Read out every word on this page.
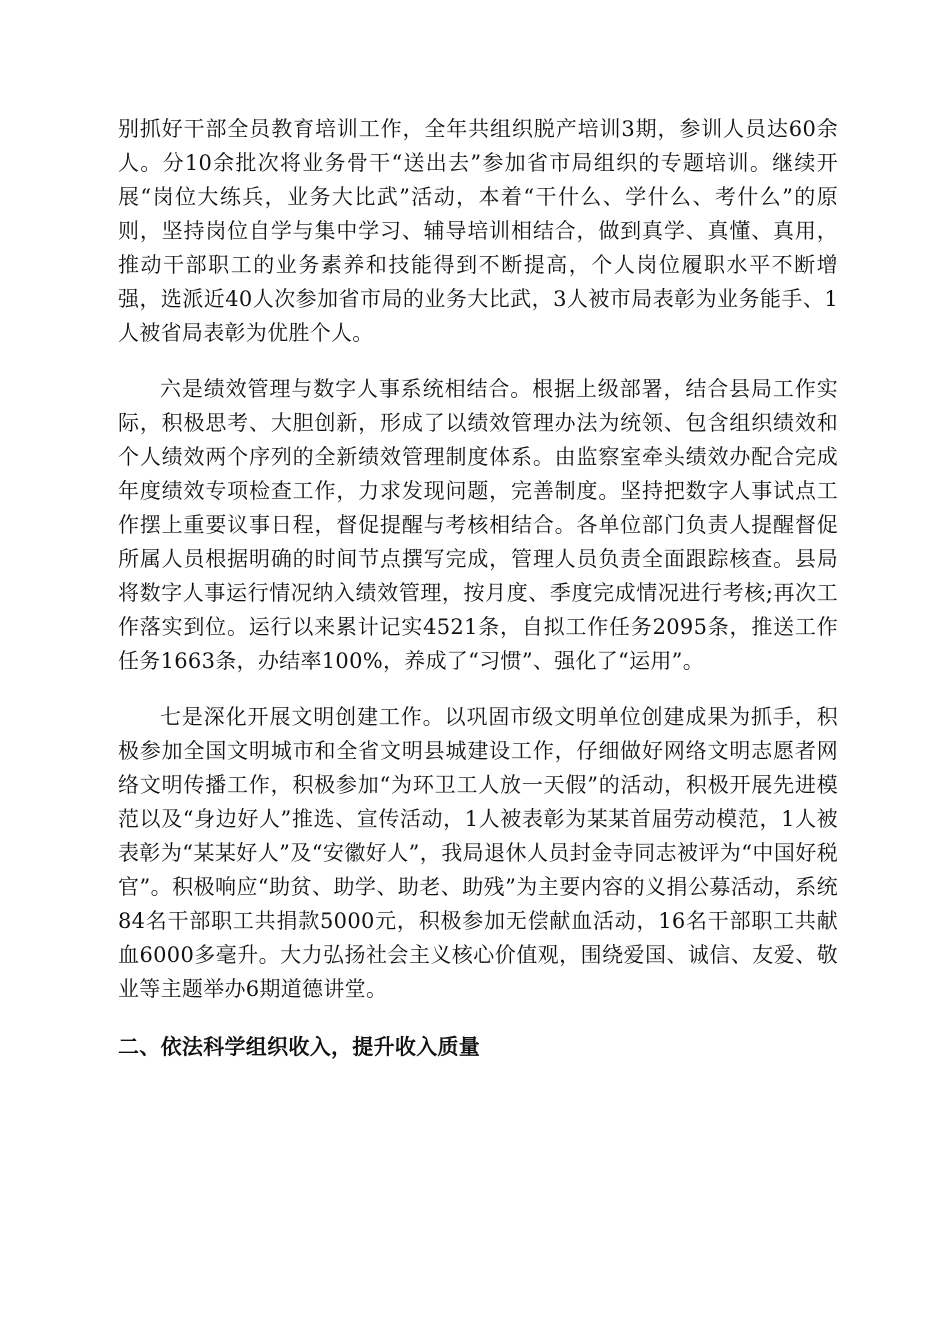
别抓好干部全员教育培训工作，全年共组织脱产培训3期，参训人员达60余人。分10余批次将业务骨干“送出去”参加省市局组织的专题培训。继续开展“岗位大练兵，业务大比武”活动，本着“干什么、学什么、考什么”的原则，坚持岗位自学与集中学习、辅导培训相结合，做到真学、真懂、真用，推动干部职工的业务素养和技能得到不断提高，个人岗位履职水平不断增强，选派近40人次参加省市局的业务大比武，3人被市局表彰为业务能手、1人被省局表彰为优胜个人。

六是绩效管理与数字人事系统相结合。根据上级部署，结合县局工作实际，积极思考、大胆创新，形成了以绩效管理办法为统领、包含组织绩效和个人绩效两个序列的全新绩效管理制度体系。由监察室牵头绩效办配合完成年度绩效专项检查工作，力求发现问题，完善制度。坚持把数字人事试点工作摆上重要议事日程，督促提醒与考核相结合。各单位部门负责人提醒督促所属人员根据明确的时间节点撰写完成，管理人员负责全面跟踪核查。县局将数字人事运行情况纳入绩效管理，按月度、季度完成情况进行考核;再次工作落实到位。运行以来累计记实4521条，自拟工作任务2095条，推送工作任务1663条，办结率100%，养成了“习惯”、强化了“运用”。

七是深化开展文明创建工作。以巩固市级文明单位创建成果为抓手，积极参加全国文明城市和全省文明县城建设工作，仔细做好网络文明志愿者网络文明传播工作，积极参加“为环卫工人放一天假”的活动，积极开展先进模范以及“身边好人”推选、宣传活动，1人被表彰为某某首届劳动模范，1人被表彰为“某某好人”及“安徽好人”，我局退休人员封金寺同志被评为“中国好税官”。积极响应“助贫、助学、助老、助残”为主要内容的义捐公募活动，系统84名干部职工共捐款5000元，积极参加无偿献血活动，16名干部职工共献血6000多毫升。大力弘扬社会主义核心价值观，围绕爱国、诚信、友爱、敬业等主题举办6期道德讲堂。

二、依法科学组织收入，提升收入质量
